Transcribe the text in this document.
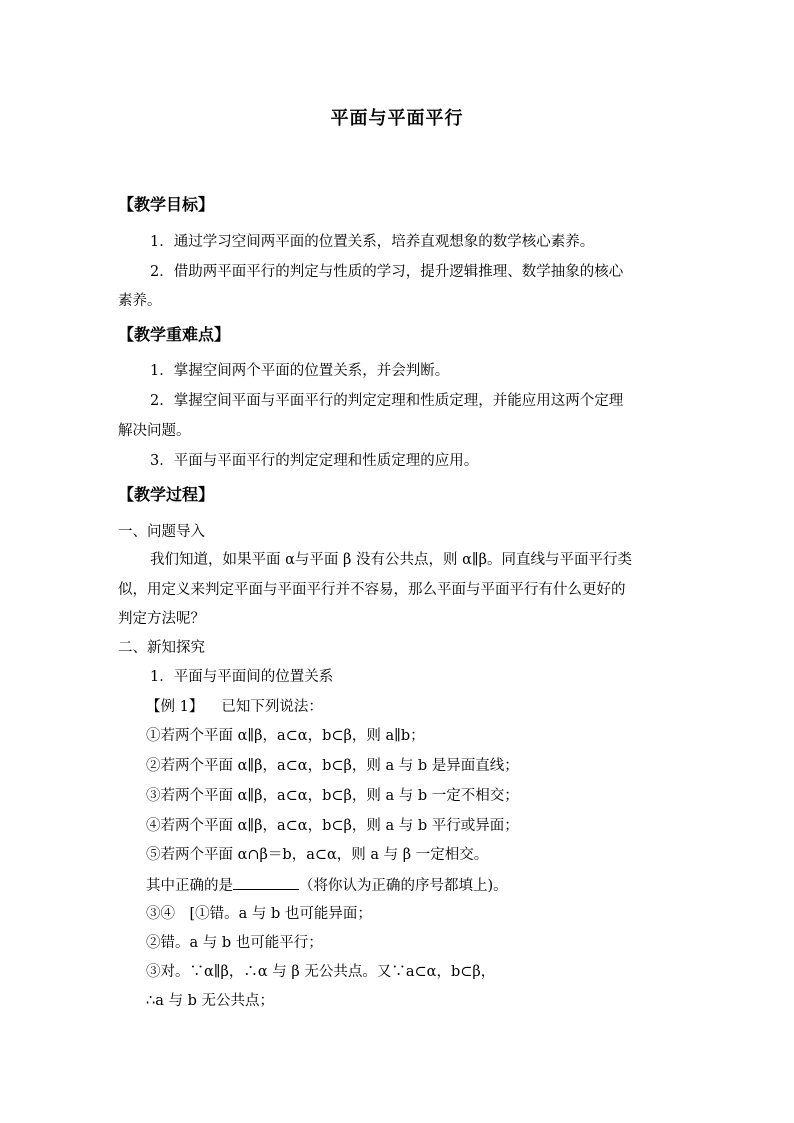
平面与平面平行
【教学目标】
1．通过学习空间两平面的位置关系，培养直观想象的数学核心素养。
2．借助两平面平行的判定与性质的学习，提升逻辑推理、数学抽象的核心
素养。
【教学重难点】
1．掌握空间两个平面的位置关系，并会判断。
2．掌握空间平面与平面平行的判定定理和性质定理，并能应用这两个定理
解决问题。
3．平面与平面平行的判定定理和性质定理的应用。
【教学过程】
一、问题导入
我们知道，如果平面 α与平面 β 没有公共点，则 α∥β。同直线与平面平行类
似，用定义来判定平面与平面平行并不容易，那么平面与平面平行有什么更好的
判定方法呢？
二、新知探究
1．平面与平面间的位置关系
【例 1】 已知下列说法：
①若两个平面 α∥β，a⊂α，b⊂β，则 a∥b；
②若两个平面 α∥β，a⊂α，b⊂β，则 a 与 b 是异面直线；
③若两个平面 α∥β，a⊂α，b⊂β，则 a 与 b 一定不相交；
④若两个平面 α∥β，a⊂α，b⊂β，则 a 与 b 平行或异面；
⑤若两个平面 α∩β＝b，a⊂α，则 a 与 β 一定相交。
其中正确的是	（将你认为正确的序号都填上)。
③④　[①错。a 与 b 也可能异面；
②错。a 与 b 也可能平行；
③对。∵α∥β，∴α 与 β 无公共点。又∵a⊂α，b⊂β，
∴a 与 b 无公共点；
